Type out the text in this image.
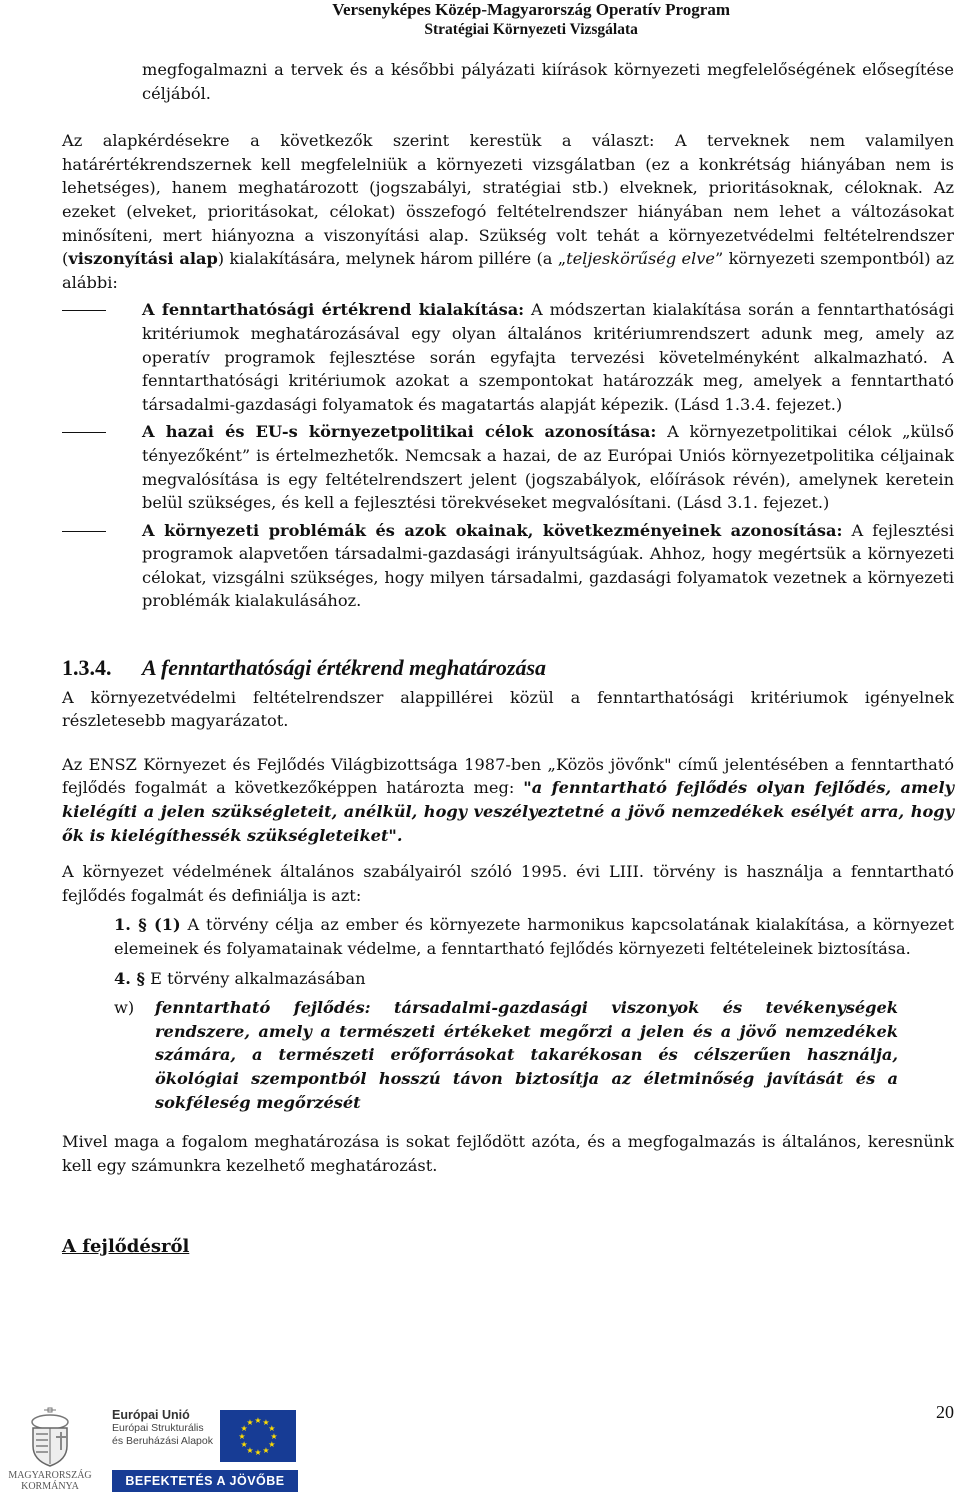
Versenyképes Közép-Magyarország Operatív Program
Stratégiai Környezeti Vizsgálata

megfogalmazni a tervek és a későbbi pályázati kiírások környezeti megfelelőségének elősegítése céljából.

Az alapkérdésekre a következők szerint kerestük a választ: A terveknek nem valamilyen határértékrendszernek kell megfelelniük a környezeti vizsgálatban (ez a konkrétság hiányában nem is lehetséges), hanem meghatározott (jogszabályi, stratégiai stb.) elveknek, prioritásoknak, céloknak. Az ezeket (elveket, prioritásokat, célokat) összefogó feltételrendszer hiányában nem lehet a változásokat minősíteni, mert hiányozna a viszonyítási alap. Szükség volt tehát a környezetvédelmi feltételrendszer (viszonyítási alap) kialakítására, melynek három pillére (a „teljeskörűség elve” környezeti szempontból) az alábbi:

A fenntarthatósági értékrend kialakítása: A módszertan kialakítása során a fenntarthatósági kritériumok meghatározásával egy olyan általános kritériumrendszert adunk meg, amely az operatív programok fejlesztése során egyfajta tervezési követelményként alkalmazható. A fenntarthatósági kritériumok azokat a szempontokat határozzák meg, amelyek a fenntartható társadalmi-gazdasági folyamatok és magatartás alapját képezik. (Lásd 1.3.4. fejezet.)
A hazai és EU-s környezetpolitikai célok azonosítása: A környezetpolitikai célok „külső tényezőként” is értelmezhetők. Nemcsak a hazai, de az Európai Uniós környezetpolitika céljainak megvalósítása is egy feltételrendszert jelent (jogszabályok, előírások révén), amelynek keretein belül szükséges, és kell a fejlesztési törekvéseket megvalósítani. (Lásd 3.1. fejezet.)
A környezeti problémák és azok okainak, következményeinek azonosítása: A fejlesztési programok alapvetően társadalmi-gazdasági irányultságúak. Ahhoz, hogy megértsük a környezeti célokat, vizsgálni szükséges, hogy milyen társadalmi, gazdasági folyamatok vezetnek a környezeti problémák kialakulásához.
1.3.4. A fenntarthatósági értékrend meghatározása

A környezetvédelmi feltételrendszer alappillérei közül a fenntarthatósági kritériumok igényelnek részletesebb magyarázatot.

Az ENSZ Környezet és Fejlődés Világbizottsága 1987-ben „Közös jövőnk" című jelentésében a fenntartható fejlődés fogalmát a következőképpen határozta meg: "a fenntartható fejlődés olyan fejlődés, amely kielégíti a jelen szükségleteit, anélkül, hogy veszélyeztetné a jövő nemzedékek esélyét arra, hogy ők is kielégíthessék szükségleteiket".

A környezet védelmének általános szabályairól szóló 1995. évi LIII. törvény is használja a fenntartható fejlődés fogalmát és definiálja is azt:

1. § (1) A törvény célja az ember és környezete harmonikus kapcsolatának kialakítása, a környezet elemeinek és folyamatainak védelme, a fenntartható fejlődés környezeti feltételeinek biztosítása.
4. § E törvény alkalmazásában
w)	fenntartható fejlődés: társadalmi-gazdasági viszonyok és tevékenységek rendszere, amely a természeti értékeket megőrzi a jelen és a jövő nemzedékek számára, a természeti erőforrásokat takarékosan és célszerűen használja, ökológiai szempontból hosszú távon biztosítja az életminőség javítását és a sokféleség megőrzését

Mivel maga a fogalom meghatározása is sokat fejlődött azóta, és a megfogalmazás is általános, keresnünk kell egy számunkra kezelhető meghatározást.

A fejlődésről

MAGYARORSZÁG
KORMÁNYA
Európai Unió
Európai Strukturális
és Beruházási Alapok	★
★
★
★
★
★
★
★
★ ★ ★
★
BEFEKTETÉS A JÖVŐBE
20
